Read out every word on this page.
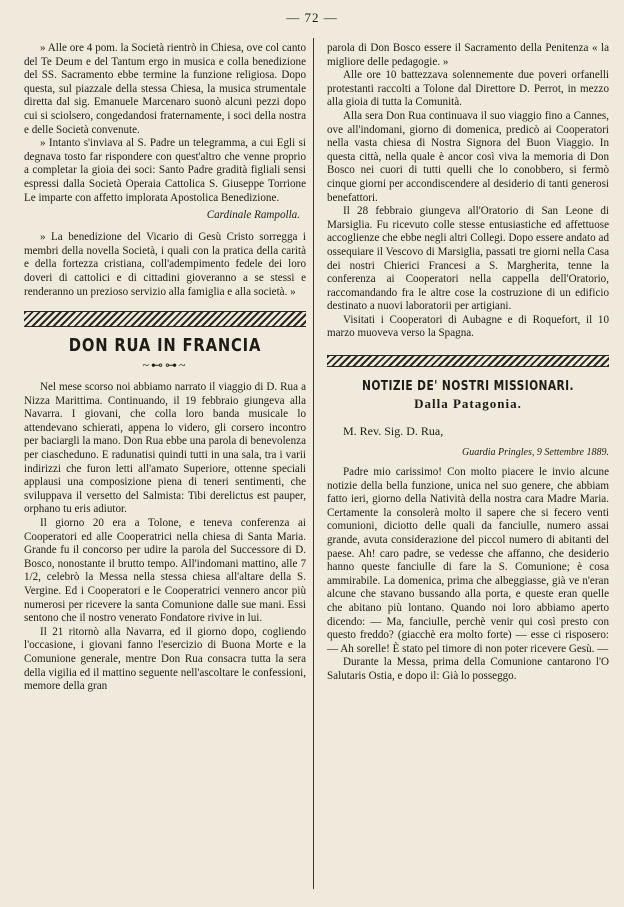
— 72 —

» Alle ore 4 pom. la Società rientrò in Chiesa, ove col canto del Te Deum e del Tantum ergo in musica e colla benedizione del SS. Sacramento ebbe termine la funzione religiosa. Dopo questa, sul piazzale della stessa Chiesa, la musica strumentale diretta dal sig. Emanuele Marcenaro suonò alcuni pezzi dopo cui si sciolsero, congedandosi fraternamente, i soci della nostra e delle Società convenute.

» Intanto s'inviava al S. Padre un telegramma, a cui Egli si degnava tosto far rispondere con quest'altro che venne proprio a completar la gioia dei soci: Santo Padre gradità figliali sensi espressi dalla Società Operaia Cattolica S. Giuseppe Torrione Le imparte con affetto implorata Apostolica Benedizione.

Cardinale Rampolla.

» La benedizione del Vicario di Gesù Cristo sorregga i membri della novella Società, i quali con la pratica della carità e della fortezza cristiana, coll'adempimento fedele dei loro doveri di cattolici e di cittadini gioveranno a se stessi e renderanno un prezioso servizio alla famiglia e alla società. »

DON RUA IN FRANCIA
~⊷⊶~

Nel mese scorso noi abbiamo narrato il viaggio di D. Rua a Nizza Marittima. Continuando, il 19 febbraio giungeva alla Navarra. I giovani, che colla loro banda musicale lo attendevano schierati, appena lo videro, gli corsero incontro per baciargli la mano. Don Rua ebbe una parola di benevolenza per ciascheduno. E radunatisi quindi tutti in una sala, tra i varii indirizzi che furon letti all'amato Superiore, ottenne speciali applausi una composizione piena di teneri sentimenti, che sviluppava il versetto del Salmista: Tibi derelictus est pauper, orphano tu eris adiutor.

Il giorno 20 era a Tolone, e teneva conferenza ai Cooperatori ed alle Cooperatrici nella chiesa di Santa Maria. Grande fu il concorso per udire la parola del Successore di D. Bosco, nonostante il brutto tempo. All'indomani mattino, alle 7 1/2, celebrò la Messa nella stessa chiesa all'altare della S. Vergine. Ed i Cooperatori e le Cooperatrici vennero ancor più numerosi per ricevere la santa Comunione dalle sue mani. Essi sentono che il nostro venerato Fondatore rivive in lui.

Il 21 ritornò alla Navarra, ed il giorno dopo, cogliendo l'occasione, i giovani fanno l'esercizio di Buona Morte e la Comunione generale, mentre Don Rua consacra tutta la sera della vigilia ed il mattino seguente nell'ascoltare le confessioni, memore della gran

parola di Don Bosco essere il Sacramento della Penitenza « la migliore delle pedagogie. »

Alle ore 10 battezzava solennemente due poveri orfanelli protestanti raccolti a Tolone dal Direttore D. Perrot, in mezzo alla gioia di tutta la Comunità.

Alla sera Don Rua continuava il suo viaggio fino a Cannes, ove all'indomani, giorno di domenica, predicò ai Cooperatori nella vasta chiesa di Nostra Signora del Buon Viaggio. In questa città, nella quale è ancor così viva la memoria di Don Bosco nei cuori di tutti quelli che lo conobbero, si fermò cinque giorni per accondiscendere al desiderio di tanti generosi benefattori.

Il 28 febbraio giungeva all'Oratorio di San Leone di Marsiglia. Fu ricevuto colle stesse entusiastiche ed affettuose accoglienze che ebbe negli altri Collegi. Dopo essere andato ad ossequiare il Vescovo di Marsiglia, passati tre giorni nella Casa dei nostri Chierici Francesi a S. Margherita, tenne la conferenza ai Cooperatori nella cappella dell'Oratorio, raccomandando fra le altre cose la costruzione di un edificio destinato a nuovi laboratorii per artigiani.

Visitati i Cooperatori di Aubagne e di Roquefort, il 10 marzo muoveva verso la Spagna.

NOTIZIE DE' NOSTRI MISSIONARI.
Dalla Patagonia.
M. Rev. Sig. D. Rua,
Guardia Pringles, 9 Settembre 1889.

Padre mio carissimo! Con molto piacere le invio alcune notizie della bella funzione, unica nel suo genere, che abbiam fatto ieri, giorno della Natività della nostra cara Madre Maria. Certamente la consolerà molto il sapere che si fecero venti comunioni, diciotto delle quali da fanciulle, numero assai grande, avuta considerazione del piccol numero di abitanti del paese. Ah! caro padre, se vedesse che affanno, che desiderio hanno queste fanciulle di fare la S. Comunione; è cosa ammirabile. La domenica, prima che albeggiasse, già ve n'eran alcune che stavano bussando alla porta, e queste eran quelle che abitano più lontano. Quando noi loro abbiamo aperto dicendo: — Ma, fanciulle, perchè venir qui così presto con questo freddo? (giacchè era molto forte) — esse ci risposero: — Ah sorelle! È stato pel timore di non poter ricevere Gesù. —

Durante la Messa, prima della Comunione cantarono l'O Salutaris Ostia, e dopo il: Già lo posseggo.
